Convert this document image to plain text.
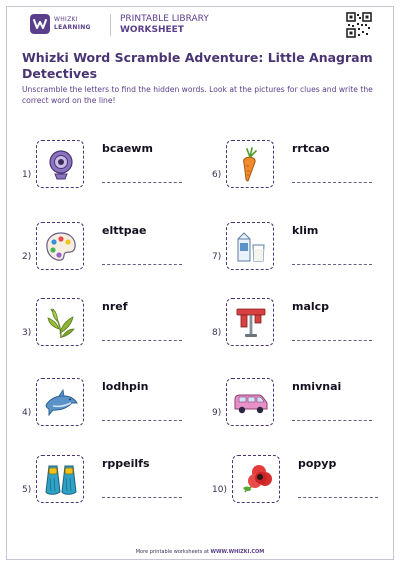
WHIZKI
LEARNING
PRINTABLE LIBRARY
WORKSHEET
Whizki Word Scramble Adventure: Little Anagram Detectives
Unscramble the letters to find the hidden words. Look at the pictures for clues and write the correct word on the line!
1)
bcaewm
2)
elttpae
3)
nref
4)
lodhpin
5)
rppeilfs
6)
rrtcao
7)
klim
8)
malcp
9)
nmivnai
10)
popyp
More printable worksheets at WWW.WHIZKI.COM
